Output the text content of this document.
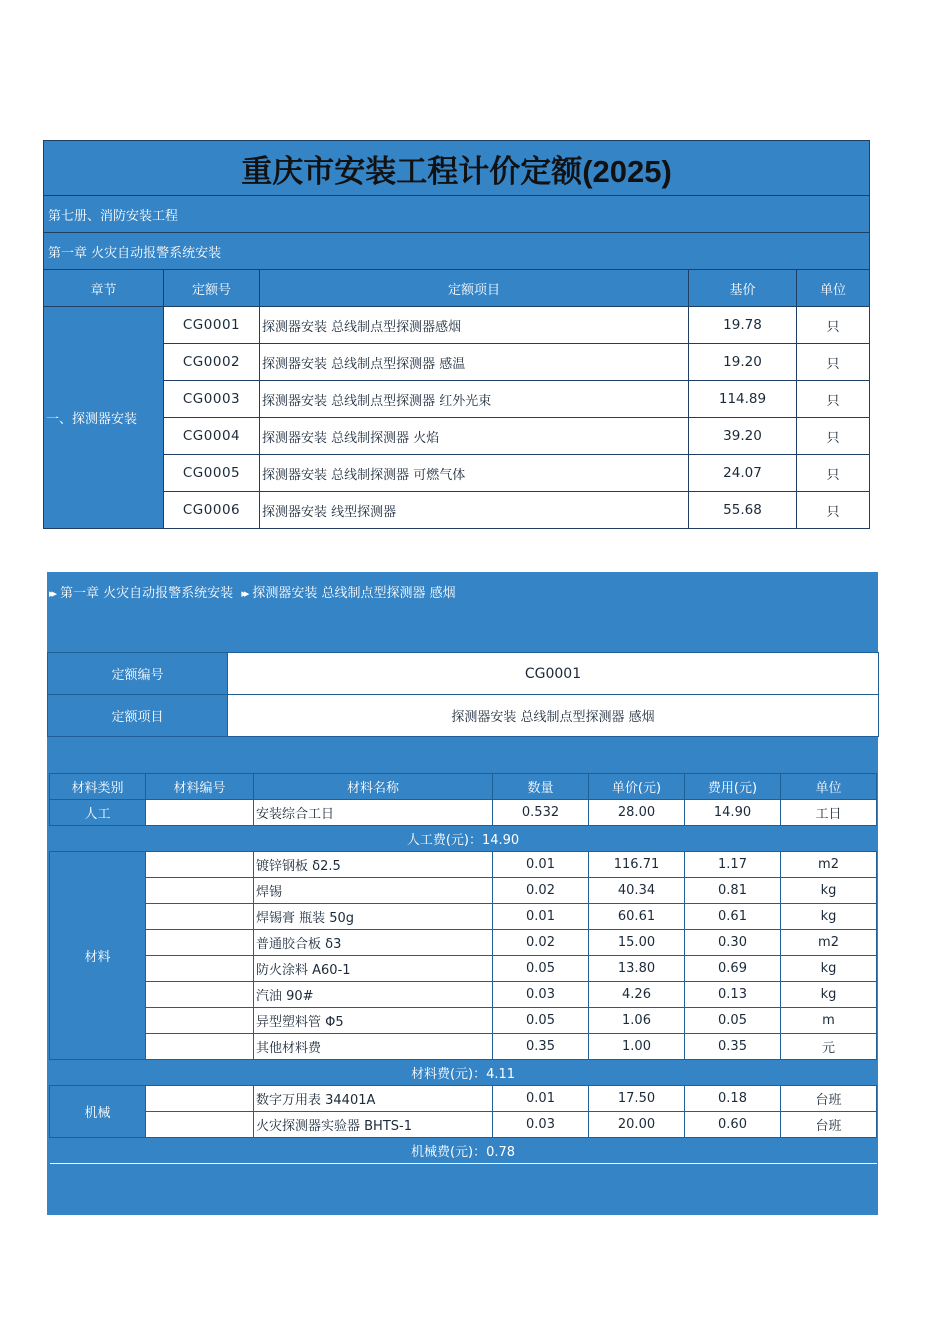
重庆市安装工程计价定额(2025)				
第七册、消防安装工程				
第一章 火灾自动报警系统安装				
章节	定额号	定额项目	基价	单位
一、探测器安装	CG0001	探测器安装 总线制点型探测器感烟	19.78	只
	CG0002	探测器安装 总线制点型探测器 感温	19.20	只
	CG0003	探测器安装 总线制点型探测器 红外光束	114.89	只
	CG0004	探测器安装 总线制探测器 火焰	39.20	只
	CG0005	探测器安装 总线制探测器 可燃气体	24.07	只
	CG0006	探测器安装 线型探测器	55.68	只
▸▸ 第一章 火灾自动报警系统安装 ▸▸ 探测器安装 总线制点型探测器 感烟
定额编号	CG0001
定额项目	探测器安装 总线制点型探测器 感烟
材料类别	材料编号	材料名称	数量	单价(元)	费用(元)	单位
人工		安装综合工日	0.532	28.00	14.90	工日
人工费(元)：14.90						
材料		镀锌钢板 δ2.5	0.01	116.71	1.17	m2
		焊锡	0.02	40.34	0.81	kg
		焊锡膏 瓶装 50g	0.01	60.61	0.61	kg
		普通胶合板 δ3	0.02	15.00	0.30	m2
		防火涂料 A60-1	0.05	13.80	0.69	kg
		汽油 90#	0.03	4.26	0.13	kg
		异型塑料管 Φ5	0.05	1.06	0.05	m
		其他材料费	0.35	1.00	0.35	元
材料费(元)：4.11						
机械		数字万用表 34401A	0.01	17.50	0.18	台班
		火灾探测器实验器 BHTS-1	0.03	20.00	0.60	台班
机械费(元)：0.78						
